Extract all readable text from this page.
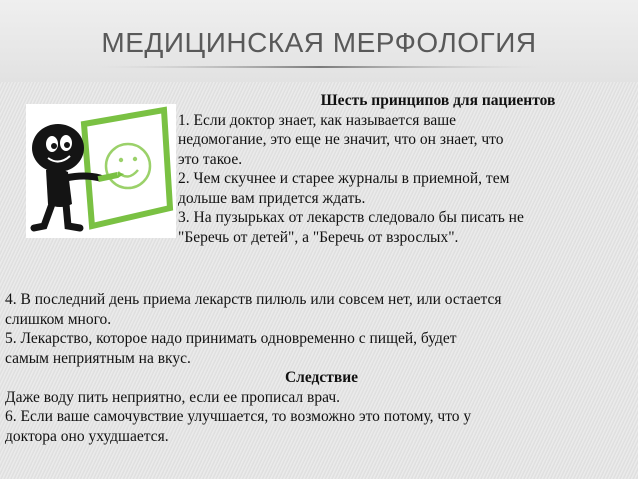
МЕДИЦИНСКАЯ МЕРФОЛОГИЯ
Шесть принципов для пациентов
1. Если доктор знает, как называется ваше
недомогание, это еще не значит, что он знает, что
это такое.
2. Чем скучнее и старее журналы в приемной, тем
дольше вам придется ждать.
3. На пузырьках от лекарств следовало бы писать не
"Беречь от детей", а "Беречь от взрослых".
4. В последний день приема лекарств пилюль или совсем нет, или остается
слишком много.
5. Лекарство, которое надо принимать одновременно с пищей, будет
самым неприятным на вкус.
Следствие
Даже воду пить неприятно, если ее прописал врач.
6. Если ваше самочувствие улучшается, то возможно это потому, что у
доктора оно ухудшается.
